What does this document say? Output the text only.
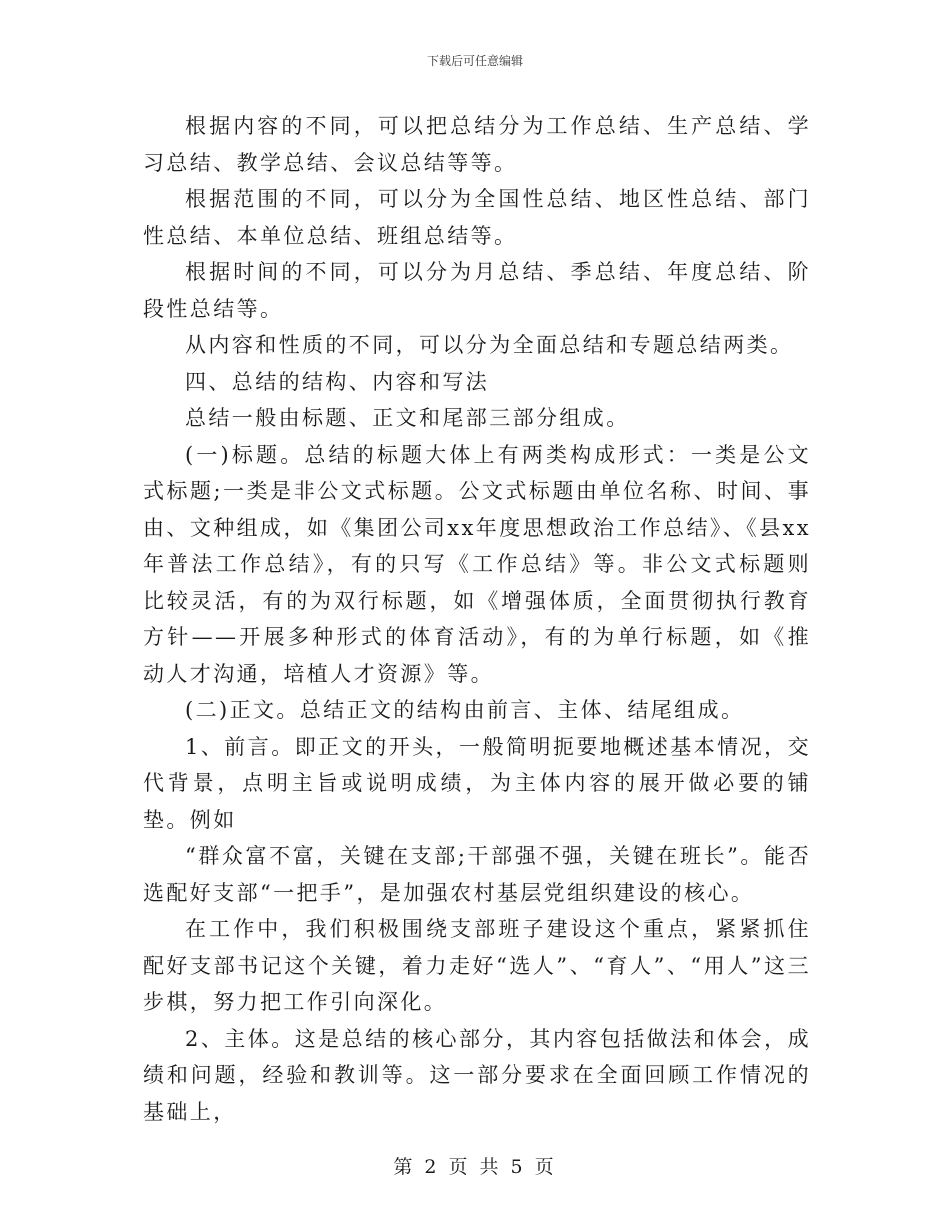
下载后可任意编辑

根据内容的不同，可以把总结分为工作总结、生产总结、学习总结、教学总结、会议总结等等。

根据范围的不同，可以分为全国性总结、地区性总结、部门性总结、本单位总结、班组总结等。

根据时间的不同，可以分为月总结、季总结、年度总结、阶段性总结等。

从内容和性质的不同，可以分为全面总结和专题总结两类。

四、总结的结构、内容和写法

总结一般由标题、正文和尾部三部分组成。

(一)标题。总结的标题大体上有两类构成形式：一类是公文式标题;一类是非公文式标题。公文式标题由单位名称、时间、事由、文种组成，如《集团公司xx年度思想政治工作总结》、《县xx年普法工作总结》，有的只写《工作总结》等。非公文式标题则比较灵活，有的为双行标题，如《增强体质，全面贯彻执行教育方针——开展多种形式的体育活动》，有的为单行标题，如《推动人才沟通，培植人才资源》等。

(二)正文。总结正文的结构由前言、主体、结尾组成。

1、前言。即正文的开头，一般简明扼要地概述基本情况，交代背景，点明主旨或说明成绩，为主体内容的展开做必要的铺垫。例如

“群众富不富，关键在支部;干部强不强，关键在班长”。能否选配好支部“一把手”，是加强农村基层党组织建设的核心。

在工作中，我们积极围绕支部班子建设这个重点，紧紧抓住配好支部书记这个关键，着力走好“选人”、“育人”、“用人”这三步棋，努力把工作引向深化。

2、主体。这是总结的核心部分，其内容包括做法和体会，成绩和问题，经验和教训等。这一部分要求在全面回顾工作情况的基础上，

第 2 页 共 5 页
